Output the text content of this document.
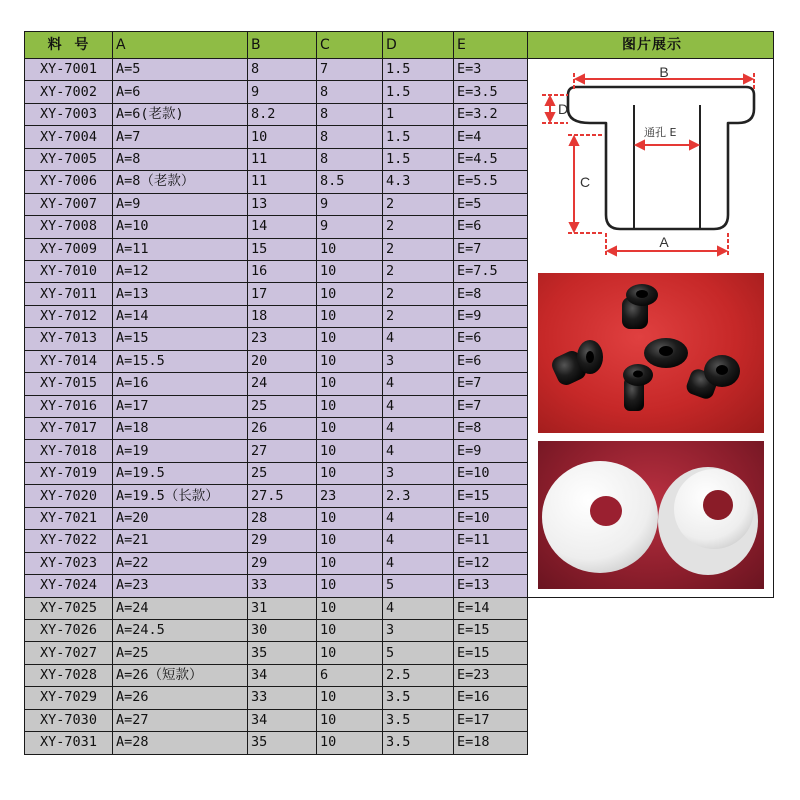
料 号	A	B	C	D	E	图片展示
XY-7001	A=5	8	7	1.5	E=3	B
D
C
通孔 E
A

XY-7002	A=6	9	8	1.5	E=3.5	
XY-7003	A=6(老款)	8.2	8	1	E=3.2	
XY-7004	A=7	10	8	1.5	E=4	
XY-7005	A=8	11	8	1.5	E=4.5	
XY-7006	A=8（老款）	11	8.5	4.3	E=5.5	
XY-7007	A=9	13	9	2	E=5	
XY-7008	A=10	14	9	2	E=6	
XY-7009	A=11	15	10	2	E=7	
XY-7010	A=12	16	10	2	E=7.5	
XY-7011	A=13	17	10	2	E=8	
XY-7012	A=14	18	10	2	E=9	
XY-7013	A=15	23	10	4	E=6	
XY-7014	A=15.5	20	10	3	E=6	
XY-7015	A=16	24	10	4	E=7	
XY-7016	A=17	25	10	4	E=7	
XY-7017	A=18	26	10	4	E=8	
XY-7018	A=19	27	10	4	E=9	
XY-7019	A=19.5	25	10	3	E=10	
XY-7020	A=19.5（长款）	27.5	23	2.3	E=15	
XY-7021	A=20	28	10	4	E=10	
XY-7022	A=21	29	10	4	E=11	
XY-7023	A=22	29	10	4	E=12	
XY-7024	A=23	33	10	5	E=13	
XY-7025	A=24	31	10	4	E=14	
XY-7026	A=24.5	30	10	3	E=15	
XY-7027	A=25	35	10	5	E=15	
XY-7028	A=26（短款）	34	6	2.5	E=23	
XY-7029	A=26	33	10	3.5	E=16	
XY-7030	A=27	34	10	3.5	E=17	
XY-7031	A=28	35	10	3.5	E=18	
